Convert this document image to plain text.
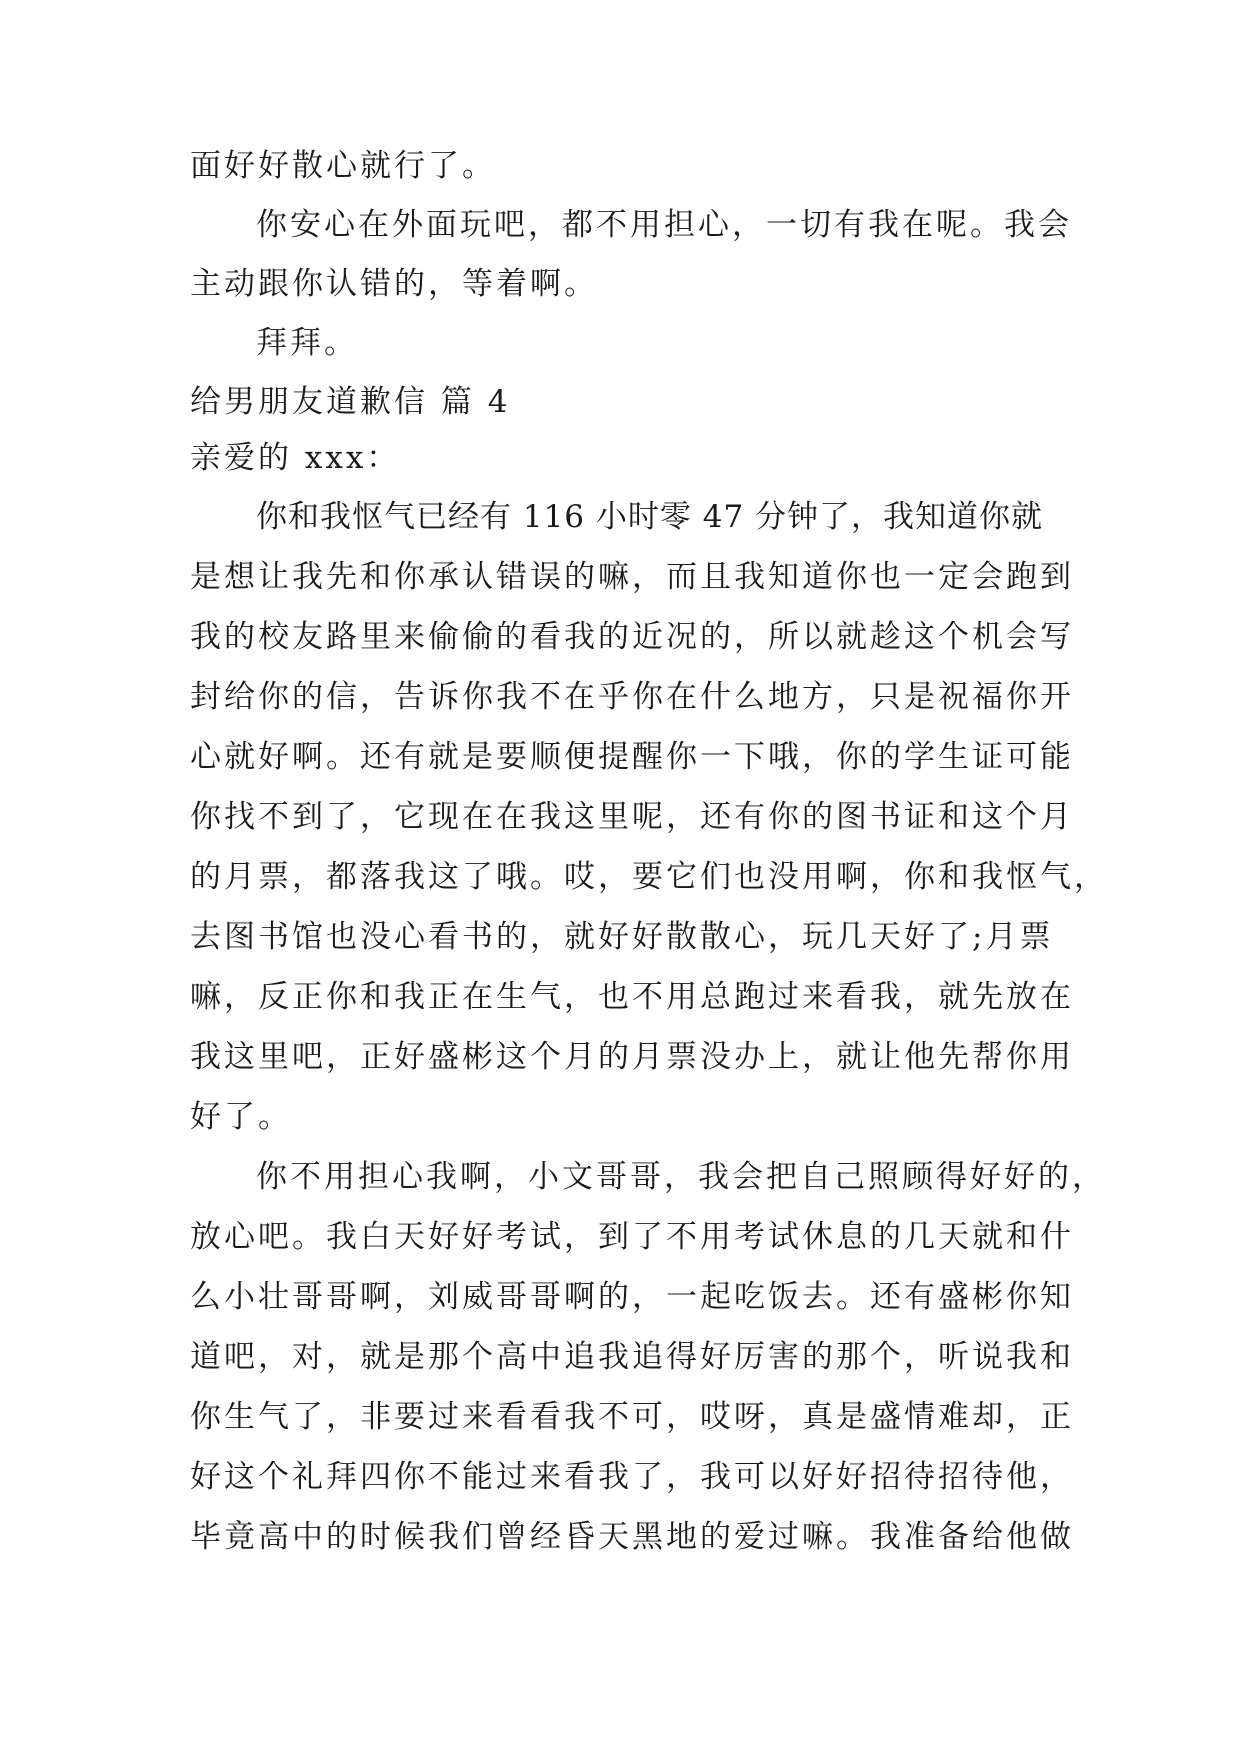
面好好散心就行了。
你安心在外面玩吧，都不用担心，一切有我在呢。我会
主动跟你认错的，等着啊。
拜拜。
给男朋友道歉信 篇 4
亲爱的 xxx：
你和我怄气已经有 116 小时零 47 分钟了，我知道你就
是想让我先和你承认错误的嘛，而且我知道你也一定会跑到
我的校友路里来偷偷的看我的近况的，所以就趁这个机会写
封给你的信，告诉你我不在乎你在什么地方，只是祝福你开
心就好啊。还有就是要顺便提醒你一下哦，你的学生证可能
你找不到了，它现在在我这里呢，还有你的图书证和这个月
的月票，都落我这了哦。哎，要它们也没用啊，你和我怄气，
去图书馆也没心看书的，就好好散散心，玩几天好了;月票
嘛，反正你和我正在生气，也不用总跑过来看我，就先放在
我这里吧，正好盛彬这个月的月票没办上，就让他先帮你用
好了。
你不用担心我啊，小文哥哥，我会把自己照顾得好好的，
放心吧。我白天好好考试，到了不用考试休息的几天就和什
么小壮哥哥啊，刘威哥哥啊的，一起吃饭去。还有盛彬你知
道吧，对，就是那个高中追我追得好厉害的那个，听说我和
你生气了，非要过来看看我不可，哎呀，真是盛情难却，正
好这个礼拜四你不能过来看我了，我可以好好招待招待他，
毕竟高中的时候我们曾经昏天黑地的爱过嘛。我准备给他做
